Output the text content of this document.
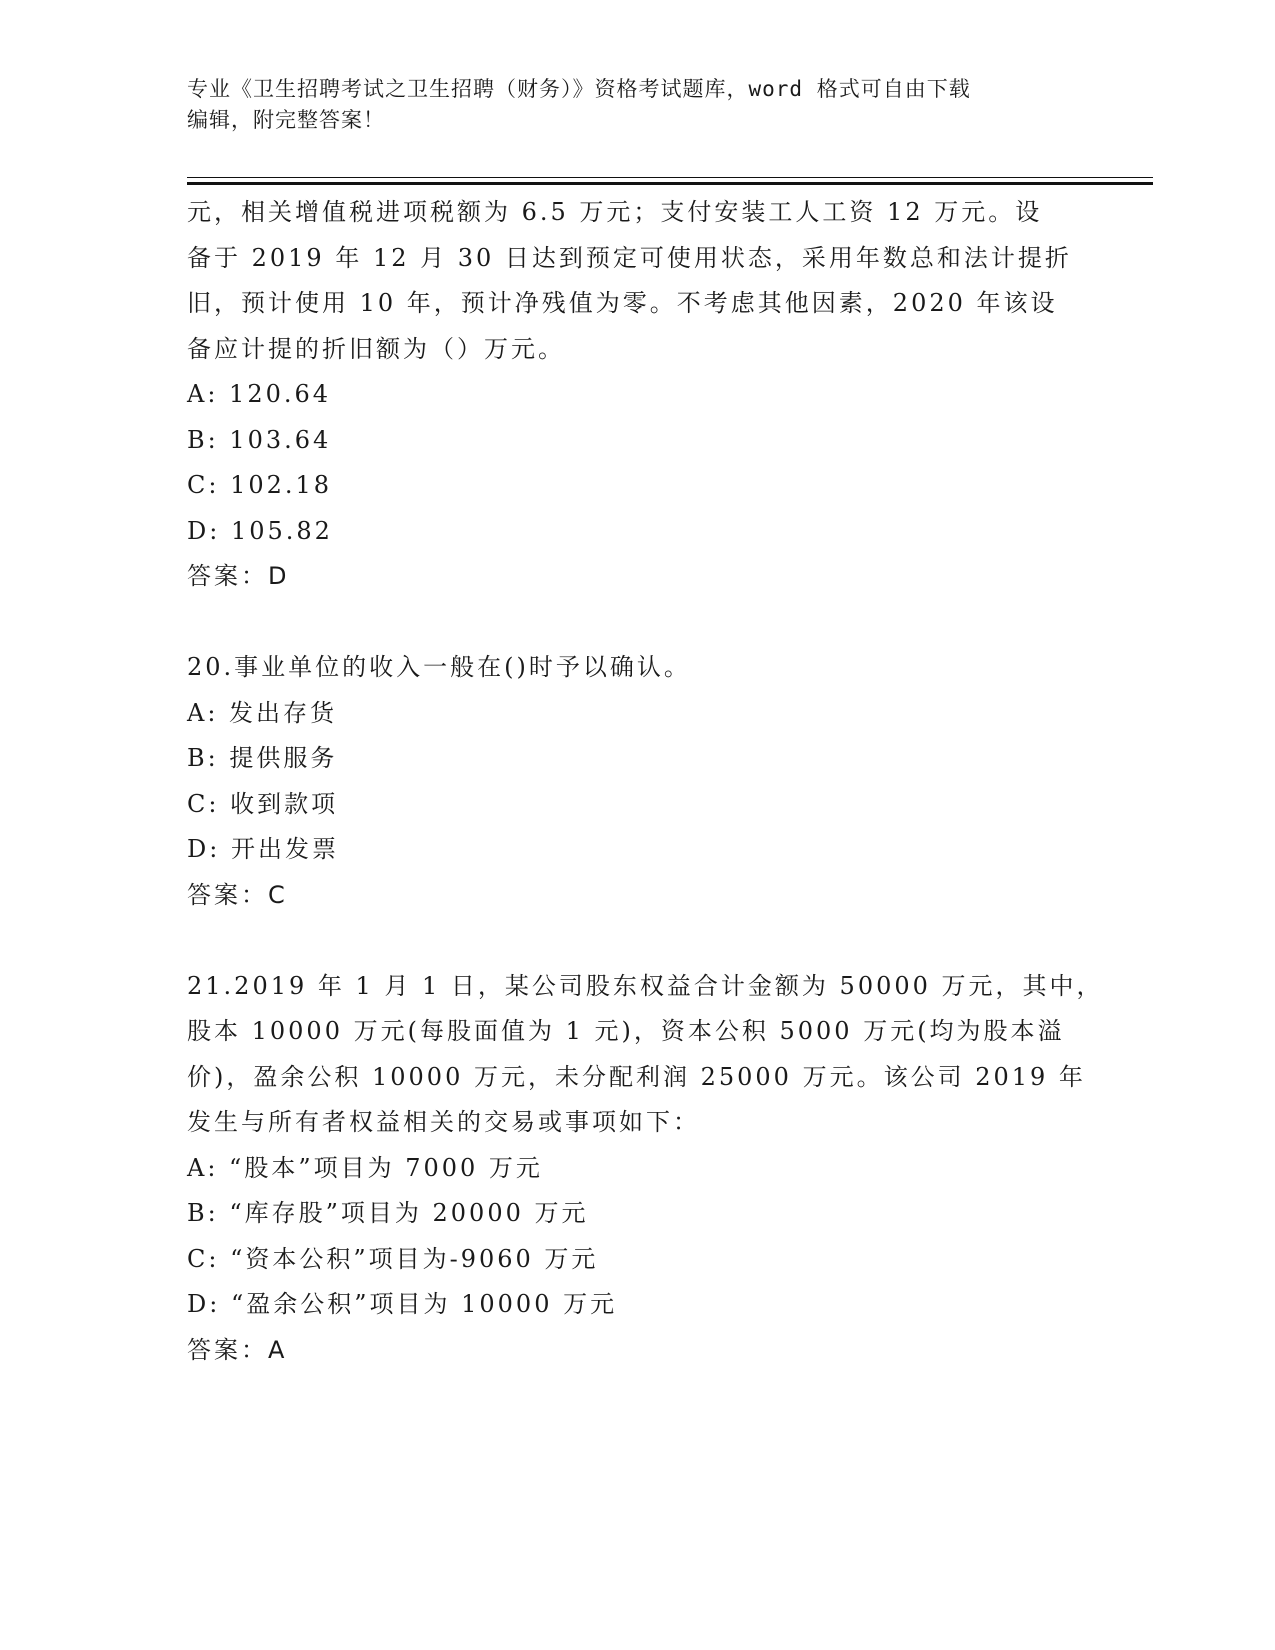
专业《卫生招聘考试之卫生招聘（财务）》资格考试题库，word 格式可自由下载
编辑，附完整答案！
元，相关增值税进项税额为 6.5 万元；支付安装工人工资 12 万元。设
备于 2019 年 12 月 30 日达到预定可使用状态，采用年数总和法计提折
旧，预计使用 10 年，预计净残值为零。不考虑其他因素，2020 年该设
备应计提的折旧额为（）万元。
A: 120.64
B: 103.64
C: 102.18
D: 105.82
答案：D
20.事业单位的收入一般在()时予以确认。
A: 发出存货
B: 提供服务
C: 收到款项
D: 开出发票
答案：C
21.2019 年 1 月 1 日，某公司股东权益合计金额为 50000 万元，其中，
股本 10000 万元(每股面值为 1 元)，资本公积 5000 万元(均为股本溢
价)，盈余公积 10000 万元，未分配利润 25000 万元。该公司 2019 年
发生与所有者权益相关的交易或事项如下：
A: “股本”项目为 7000 万元
B: “库存股”项目为 20000 万元
C: “资本公积”项目为-9060 万元
D: “盈余公积”项目为 10000 万元
答案：A
